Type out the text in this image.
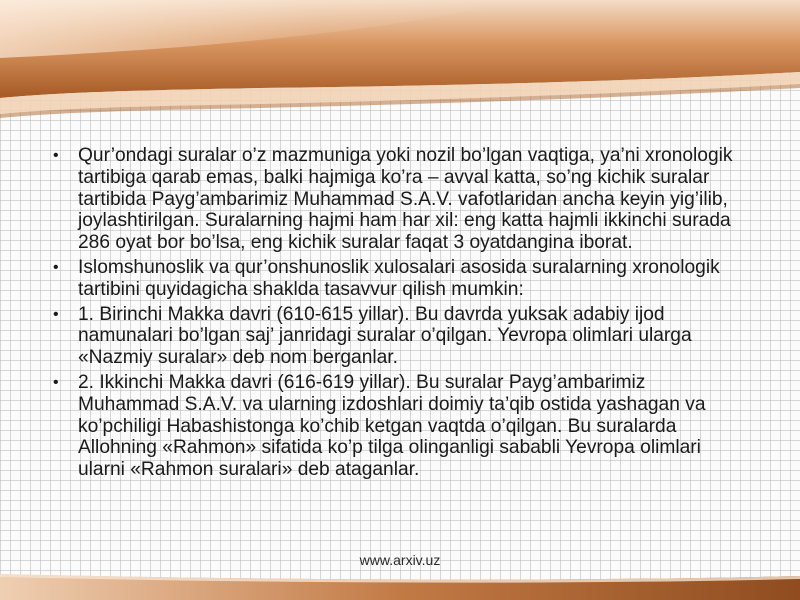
• Qur’ondagi suralar o’z mazmuniga yoki nozil bo’lgan vaqtiga, ya’ni xronologik tartibiga qarab emas, balki hajmiga ko’ra – avval katta, so’ng kichik suralar tartibida Payg’ambarimiz Muhammad S.A.V. vafotlaridan ancha keyin yig’ilib, joylashtirilgan. Suralarning hajmi ham har xil: eng katta hajmli ikkinchi surada 286 oyat bor bo’lsa, eng kichik suralar faqat 3 oyatdangina iborat.
• Islomshunoslik va qur’onshunoslik xulosalari asosida suralarning xronologik tartibini quyidagicha shaklda tasavvur qilish mumkin:
• 1. Birinchi Makka davri (610-615 yillar). Bu davrda yuksak adabiy ijod namunalari bo’lgan saj’ janridagi suralar o’qilgan. Yevropa olimlari ularga «Nazmiy suralar» deb nom berganlar.
• 2. Ikkinchi Makka davri (616-619 yillar). Bu suralar Payg’ambarimiz Muhammad S.A.V. va ularning izdoshlari doimiy ta’qib ostida yashagan va ko’pchiligi Habashistonga ko’chib ketgan vaqtda o’qilgan. Bu suralarda Allohning «Rahmon» sifatida ko’p tilga olinganligi sababli Yevropa olimlari ularni «Rahmon suralari» deb ataganlar.
www.arxiv.uz
